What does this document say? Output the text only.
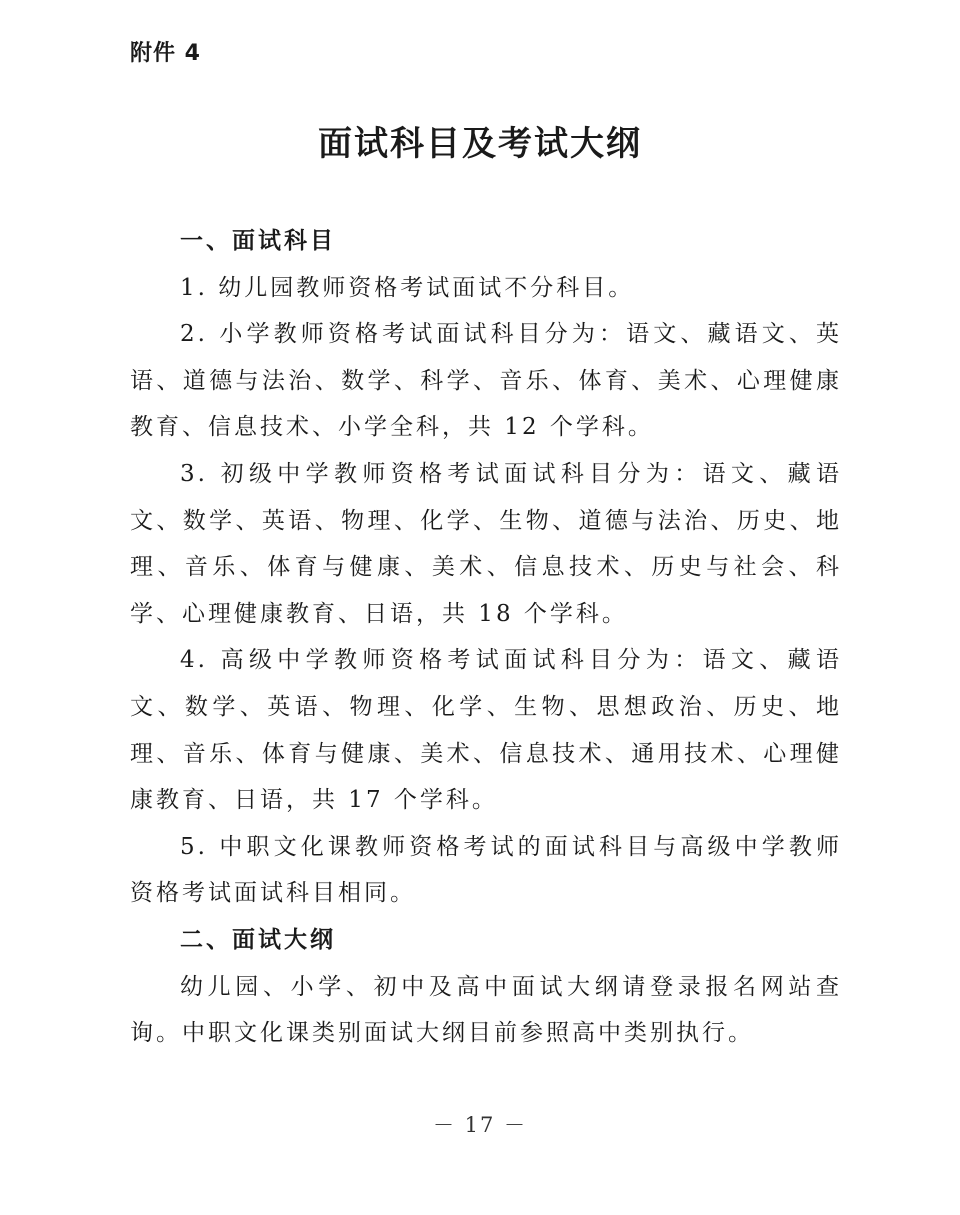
附件 4
面试科目及考试大纲
一、面试科目

1. 幼儿园教师资格考试面试不分科目。

2. 小学教师资格考试面试科目分为：语文、藏语文、英语、道德与法治、数学、科学、音乐、体育、美术、心理健康教育、信息技术、小学全科，共 12 个学科。

3. 初级中学教师资格考试面试科目分为：语文、藏语文、数学、英语、物理、化学、生物、道德与法治、历史、地理、音乐、体育与健康、美术、信息技术、历史与社会、科学、心理健康教育、日语，共 18 个学科。

4. 高级中学教师资格考试面试科目分为：语文、藏语文、数学、英语、物理、化学、生物、思想政治、历史、地理、音乐、体育与健康、美术、信息技术、通用技术、心理健康教育、日语，共 17 个学科。

5. 中职文化课教师资格考试的面试科目与高级中学教师资格考试面试科目相同。

二、面试大纲

幼儿园、小学、初中及高中面试大纲请登录报名网站查询。中职文化课类别面试大纲目前参照高中类别执行。

－ 17 －
